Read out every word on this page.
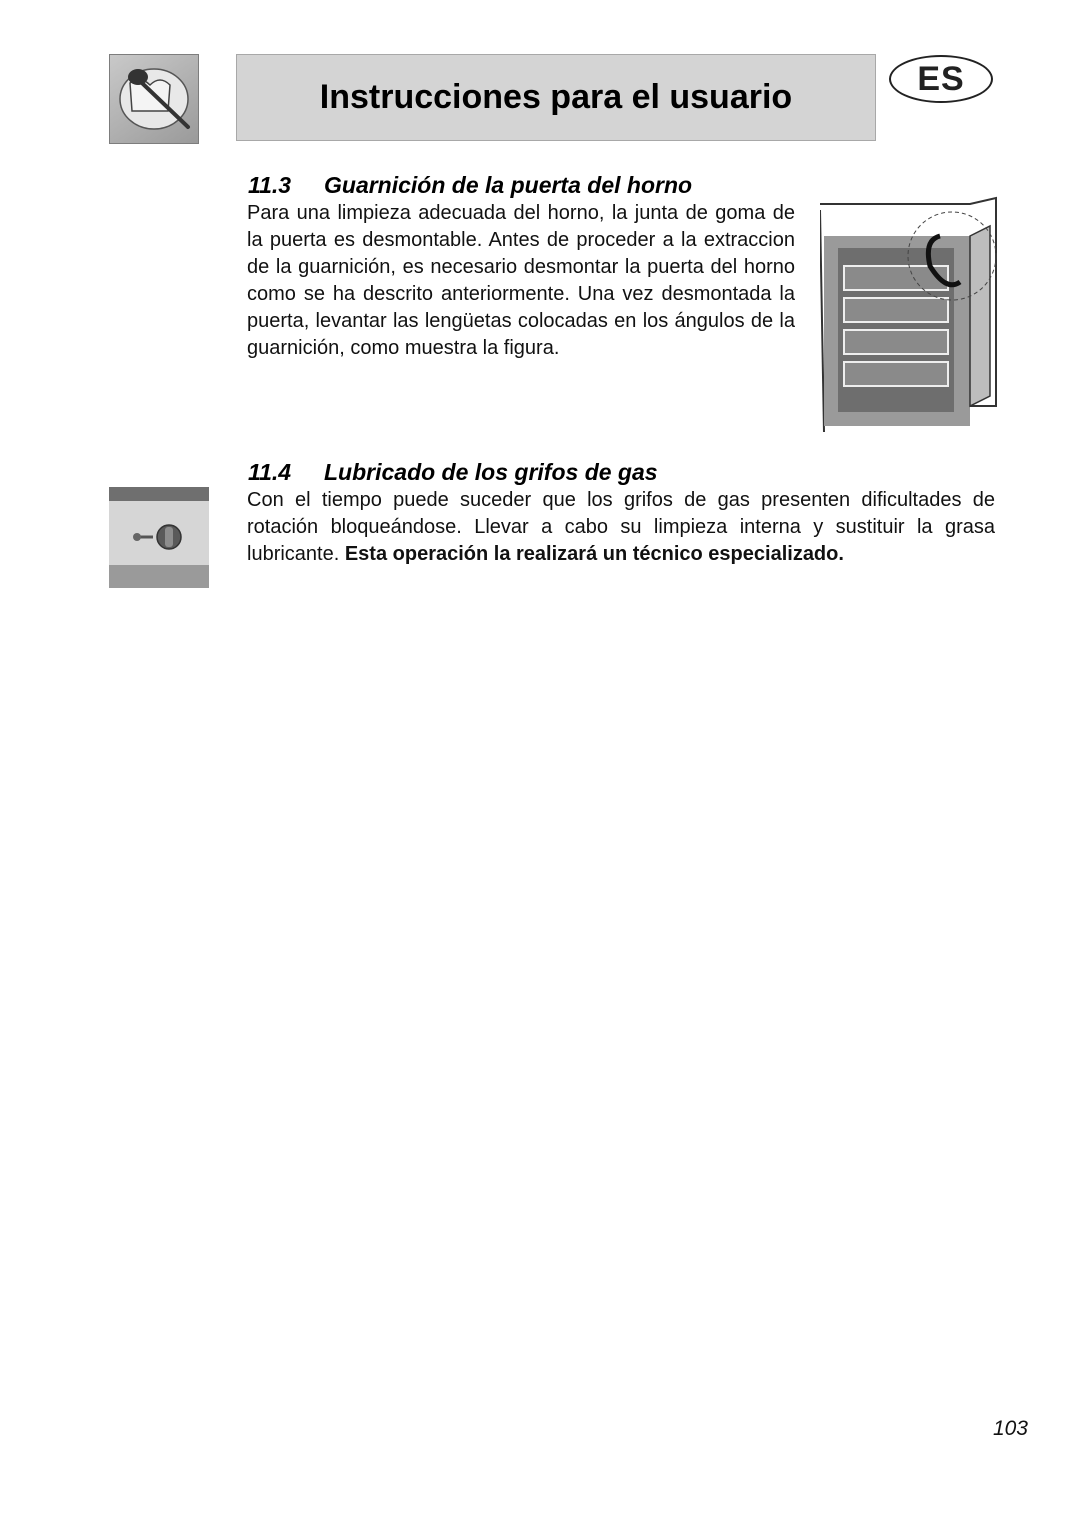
Instrucciones para el usuario	ES
11.3 Guarnición de la puerta del horno
Para una limpieza adecuada del horno, la junta de goma de la puerta es desmontable. Antes de proceder a la extraccion de la guarnición, es necesario desmontar la puerta del horno como se ha descrito anteriormente. Una vez desmontada la puerta, levantar las lengüetas colocadas en los ángulos de la guarnición, como muestra la figura.
11.4 Lubricado de los grifos de gas
Con el tiempo puede suceder que los grifos de gas presenten dificultades de rotación bloqueándose. Llevar a cabo su limpieza interna y sustituir la grasa lubricante. Esta operación la realizará un técnico especializado.
103
